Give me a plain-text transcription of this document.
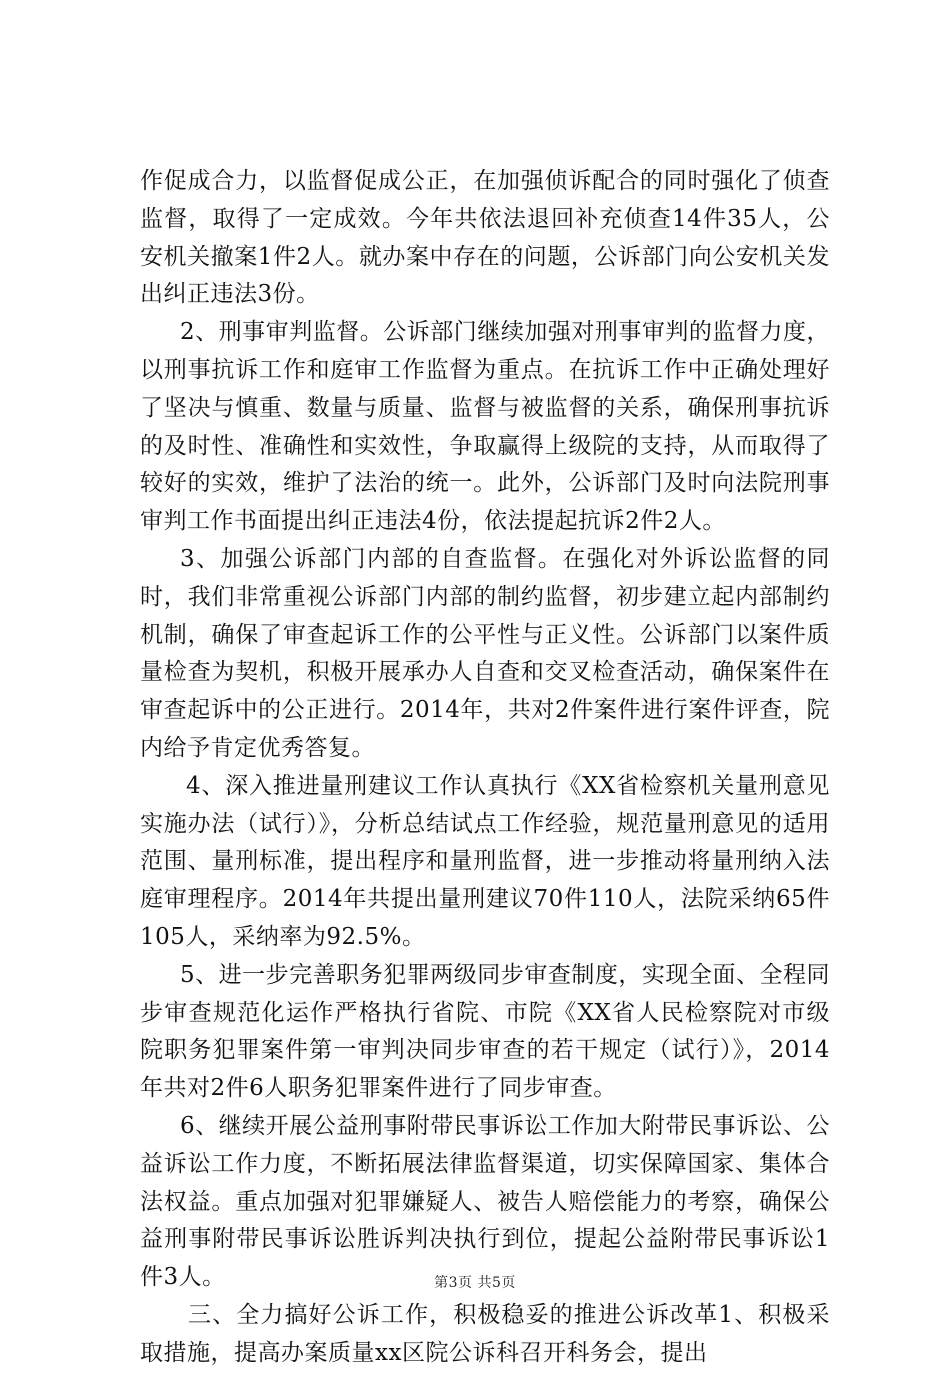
作促成合力，以监督促成公正，在加强侦诉配合的同时强化了侦查监督，取得了一定成效。今年共依法退回补充侦查14件35人，公安机关撤案1件2人。就办案中存在的问题，公诉部门向公安机关发出纠正违法3份。

2、刑事审判监督。公诉部门继续加强对刑事审判的监督力度，以刑事抗诉工作和庭审工作监督为重点。在抗诉工作中正确处理好了坚决与慎重、数量与质量、监督与被监督的关系，确保刑事抗诉的及时性、准确性和实效性，争取赢得上级院的支持，从而取得了较好的实效，维护了法治的统一。此外，公诉部门及时向法院刑事审判工作书面提出纠正违法4份，依法提起抗诉2件2人。

3、加强公诉部门内部的自查监督。在强化对外诉讼监督的同时，我们非常重视公诉部门内部的制约监督，初步建立起内部制约机制，确保了审查起诉工作的公平性与正义性。公诉部门以案件质量检查为契机，积极开展承办人自查和交叉检查活动，确保案件在审查起诉中的公正进行。2014年，共对2件案件进行案件评查，院内给予肯定优秀答复。

4、深入推进量刑建议工作认真执行《XX省检察机关量刑意见实施办法（试行）》，分析总结试点工作经验，规范量刑意见的适用范围、量刑标准，提出程序和量刑监督，进一步推动将量刑纳入法庭审理程序。2014年共提出量刑建议70件110人，法院采纳65件105人，采纳率为92.5%。

5、进一步完善职务犯罪两级同步审查制度，实现全面、全程同步审查规范化运作严格执行省院、市院《XX省人民检察院对市级院职务犯罪案件第一审判决同步审查的若干规定（试行）》，2014年共对2件6人职务犯罪案件进行了同步审查。

6、继续开展公益刑事附带民事诉讼工作加大附带民事诉讼、公益诉讼工作力度，不断拓展法律监督渠道，切实保障国家、集体合法权益。重点加强对犯罪嫌疑人、被告人赔偿能力的考察，确保公益刑事附带民事诉讼胜诉判决执行到位，提起公益附带民事诉讼1件3人。

三、全力搞好公诉工作，积极稳妥的推进公诉改革1、积极采取措施，提高办案质量xx区院公诉科召开科务会，提出

第3页 共5页
